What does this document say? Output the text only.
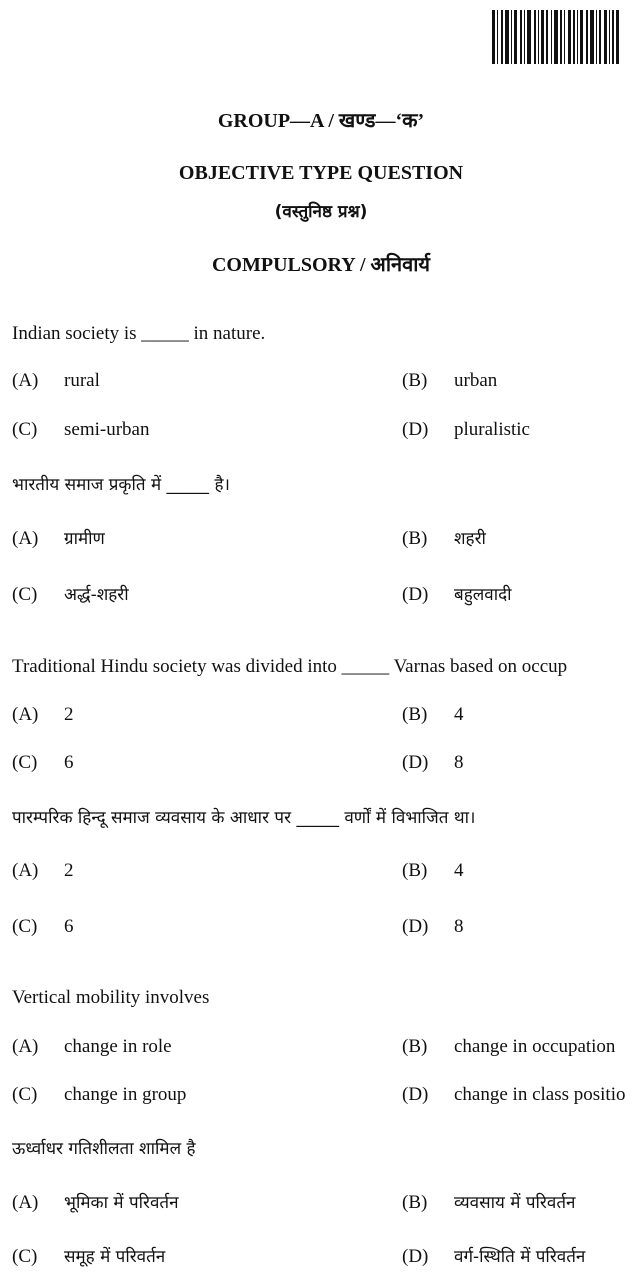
GROUP—A / खण्ड—‘क’
OBJECTIVE TYPE QUESTION
(वस्तुनिष्ठ प्रश्न)
COMPULSORY / अनिवार्य
Indian society is _____ in nature.
(A) rural	(B) urban
(C) semi-urban	(D) pluralistic
भारतीय समाज प्रकृति में _____ है।
(A) ग्रामीण	(B) शहरी
(C) अर्द्ध-शहरी	(D) बहुलवादी
Traditional Hindu society was divided into _____ Varnas based on occup
(A) 2	(B) 4
(C) 6	(D) 8
पारम्परिक हिन्दू समाज व्यवसाय के आधार पर _____ वर्णों में विभाजित था।
(A) 2	(B) 4
(C) 6	(D) 8
Vertical mobility involves
(A) change in role	(B) change in occupation
(C) change in group	(D) change in class positio
ऊर्ध्वाधर गतिशीलता शामिल है
(A) भूमिका में परिवर्तन	(B) व्यवसाय में परिवर्तन
(C) समूह में परिवर्तन	(D) वर्ग-स्थिति में परिवर्तन
